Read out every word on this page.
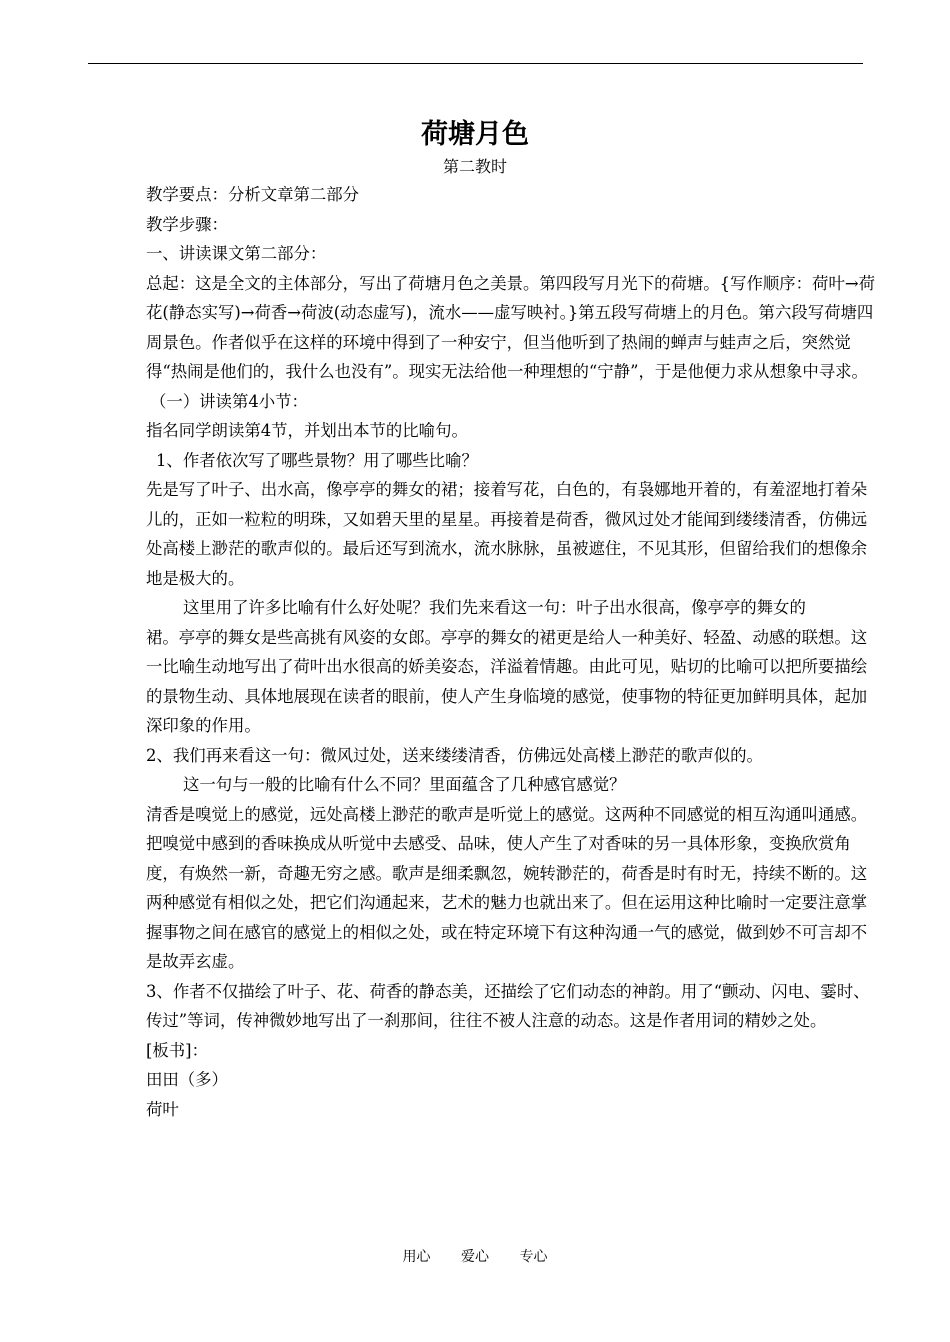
荷塘月色
第二教时

教学要点：分析文章第二部分

教学步骤：

一、讲读课文第二部分：

总起：这是全文的主体部分，写出了荷塘月色之美景。第四段写月光下的荷塘。{写作顺序：荷叶→荷花(静态实写)→荷香→荷波(动态虚写)，流水——虚写映衬。}第五段写荷塘上的月色。第六段写荷塘四周景色。作者似乎在这样的环境中得到了一种安宁，但当他听到了热闹的蝉声与蛙声之后，突然觉得“热闹是他们的，我什么也没有”。现实无法给他一种理想的“宁静”，于是他便力求从想象中寻求。

（一）讲读第4小节：

指名同学朗读第4节，并划出本节的比喻句。

1、作者依次写了哪些景物？用了哪些比喻？

先是写了叶子、出水高，像亭亭的舞女的裙；接着写花，白色的，有袅娜地开着的，有羞涩地打着朵儿的，正如一粒粒的明珠，又如碧天里的星星。再接着是荷香，微风过处才能闻到缕缕清香，仿佛远处高楼上渺茫的歌声似的。最后还写到流水，流水脉脉，虽被遮住，不见其形，但留给我们的想像余地是极大的。

这里用了许多比喻有什么好处呢？我们先来看这一句：叶子出水很高，像亭亭的舞女的

裙。亭亭的舞女是些高挑有风姿的女郎。亭亭的舞女的裙更是给人一种美好、轻盈、动感的联想。这一比喻生动地写出了荷叶出水很高的娇美姿态，洋溢着情趣。由此可见，贴切的比喻可以把所要描绘的景物生动、具体地展现在读者的眼前，使人产生身临境的感觉，使事物的特征更加鲜明具体，起加深印象的作用。

2、我们再来看这一句：微风过处，送来缕缕清香，仿佛远处高楼上渺茫的歌声似的。

这一句与一般的比喻有什么不同？里面蕴含了几种感官感觉？

清香是嗅觉上的感觉，远处高楼上渺茫的歌声是听觉上的感觉。这两种不同感觉的相互沟通叫通感。把嗅觉中感到的香味换成从听觉中去感受、品味，使人产生了对香味的另一具体形象，变换欣赏角度，有焕然一新，奇趣无穷之感。歌声是细柔飘忽，婉转渺茫的，荷香是时有时无，持续不断的。这两种感觉有相似之处，把它们沟通起来，艺术的魅力也就出来了。但在运用这种比喻时一定要注意掌握事物之间在感官的感觉上的相似之处，或在特定环境下有这种沟通一气的感觉，做到妙不可言却不是故弄玄虚。

3、作者不仅描绘了叶子、花、荷香的静态美，还描绘了它们动态的神韵。用了“颤动、闪电、霎时、传过”等词，传神微妙地写出了一刹那间，往往不被人注意的动态。这是作者用词的精妙之处。

[板书]：

田田（多）

荷叶

用心 爱心 专心
